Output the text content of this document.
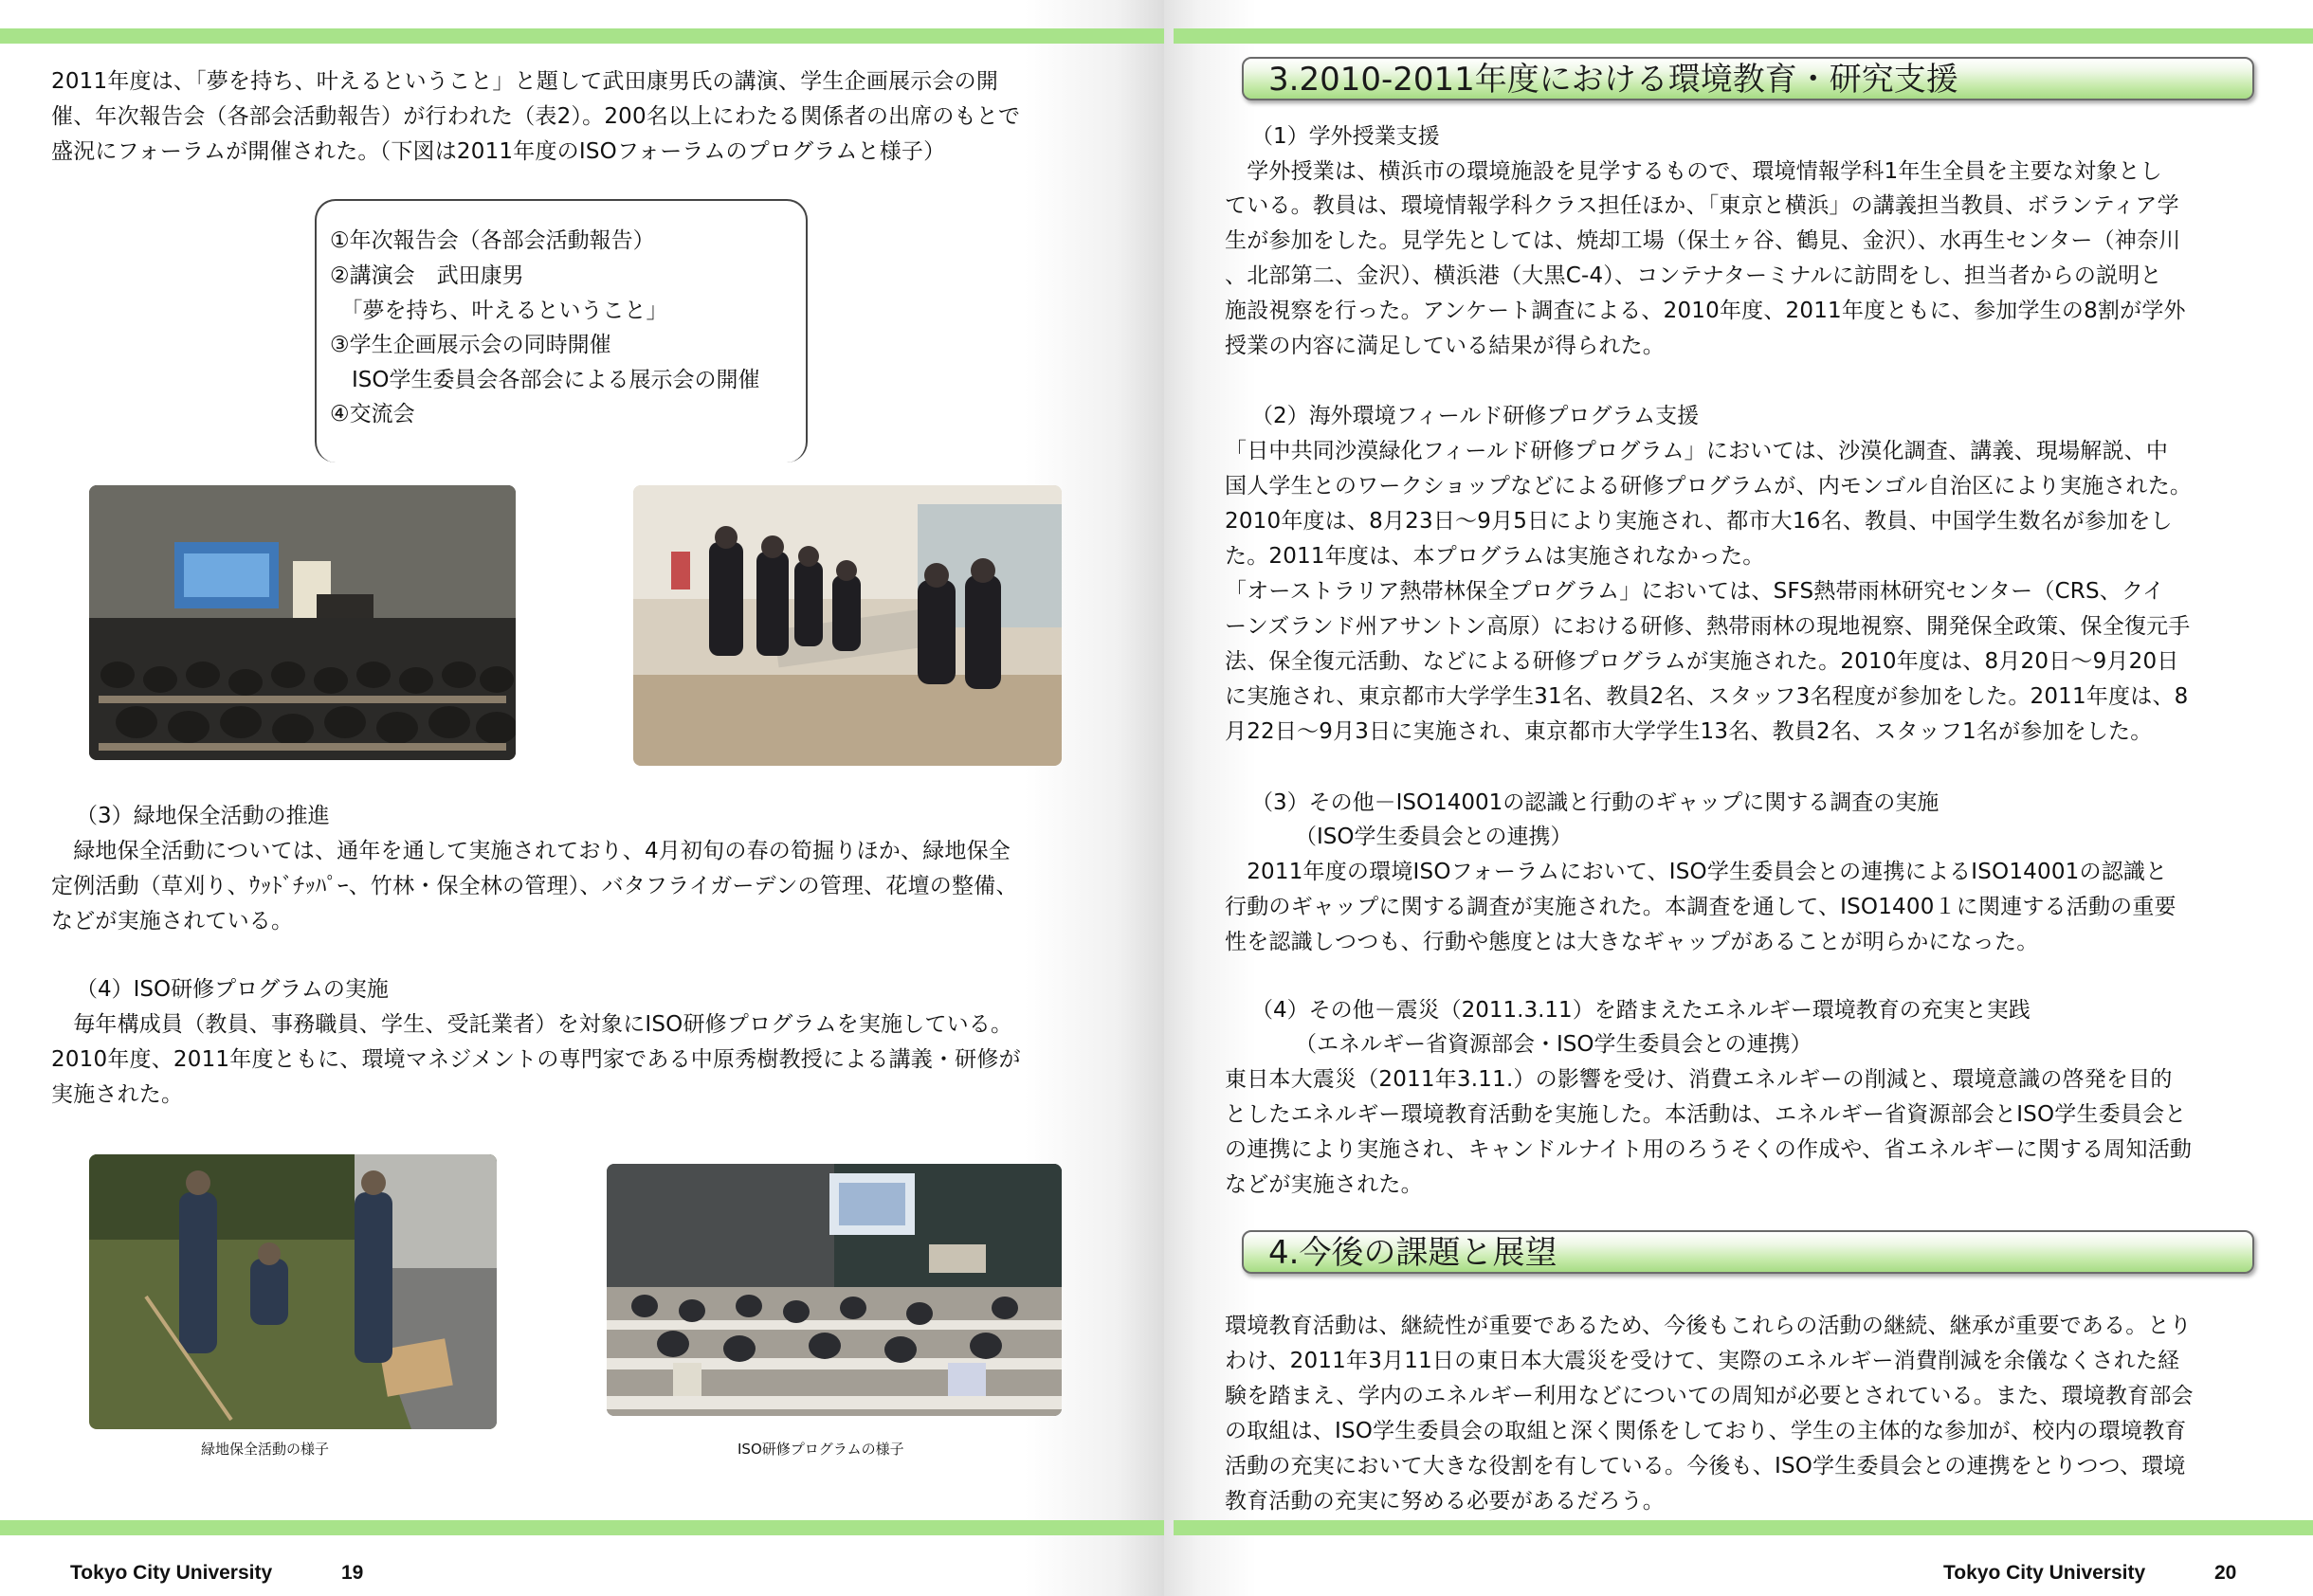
2011年度は、「夢を持ち、叶えるということ」と題して武田康男氏の講演、学生企画展示会の開

催、年次報告会（各部会活動報告）が行われた（表2）。200名以上にわたる関係者の出席のもとで

盛況にフォーラムが開催された。（下図は2011年度のISOフォーラムのプログラムと様子）

①年次報告会（各部会活動報告）
②講演会　武田康男
　「夢を持ち、叶えるということ」
③学生企画展示会の同時開催
　ISO学生委員会各部会による展示会の開催
④交流会
（3）緑地保全活動の推進

　緑地保全活動については、通年を通して実施されており、4月初旬の春の筍掘りほか、緑地保全

定例活動（草刈り、ｳｯﾄﾞﾁｯﾊﾟｰ、竹林・保全林の管理）、バタフライガーデンの管理、花壇の整備、

などが実施されている。

（4）ISO研修プログラムの実施

　毎年構成員（教員、事務職員、学生、受託業者）を対象にISO研修プログラムを実施している。

2010年度、2011年度ともに、環境マネジメントの専門家である中原秀樹教授による講義・研修が

実施された。

緑地保全活動の様子	ISO研修プログラムの様子
Tokyo City University	19
3.2010-2011年度における環境教育・研究支援
（1）学外授業支援

　学外授業は、横浜市の環境施設を見学するもので、環境情報学科1年生全員を主要な対象とし

ている。教員は、環境情報学科クラス担任ほか、「東京と横浜」の講義担当教員、ボランティア学

生が参加をした。見学先としては、焼却工場（保土ヶ谷、鶴見、金沢）、水再生センター（神奈川

、北部第二、金沢）、横浜港（大黒C-4）、コンテナターミナルに訪問をし、担当者からの説明と

施設視察を行った。アンケート調査による、2010年度、2011年度ともに、参加学生の8割が学外

授業の内容に満足している結果が得られた。

（2）海外環境フィールド研修プログラム支援

「日中共同沙漠緑化フィールド研修プログラム」においては、沙漠化調査、講義、現場解説、中

国人学生とのワークショップなどによる研修プログラムが、内モンゴル自治区により実施された。

2010年度は、8月23日〜9月5日により実施され、都市大16名、教員、中国学生数名が参加をし

た。2011年度は、本プログラムは実施されなかった。

「オーストラリア熱帯林保全プログラム」においては、SFS熱帯雨林研究センター（CRS、クイ

ーンズランド州アサントン高原）における研修、熱帯雨林の現地視察、開発保全政策、保全復元手

法、保全復元活動、などによる研修プログラムが実施された。2010年度は、8月20日〜9月20日

に実施され、東京都市大学学生31名、教員2名、スタッフ3名程度が参加をした。2011年度は、8

月22日〜9月3日に実施され、東京都市大学学生13名、教員2名、スタッフ1名が参加をした。

（3）その他－ISO14001の認識と行動のギャップに関する調査の実施
（ISO学生委員会との連携）

　2011年度の環境ISOフォーラムにおいて、ISO学生委員会との連携によるISO14001の認識と

行動のギャップに関する調査が実施された。本調査を通して、ISO1400１に関連する活動の重要

性を認識しつつも、行動や態度とは大きなギャップがあることが明らかになった。

（4）その他－震災（2011.3.11）を踏まえたエネルギー環境教育の充実と実践
（エネルギー省資源部会・ISO学生委員会との連携）

東日本大震災（2011年3.11.）の影響を受け、消費エネルギーの削減と、環境意識の啓発を目的

としたエネルギー環境教育活動を実施した。本活動は、エネルギー省資源部会とISO学生委員会と

の連携により実施され、キャンドルナイト用のろうそくの作成や、省エネルギーに関する周知活動

などが実施された。

4.今後の課題と展望

環境教育活動は、継続性が重要であるため、今後もこれらの活動の継続、継承が重要である。とり

わけ、2011年3月11日の東日本大震災を受けて、実際のエネルギー消費削減を余儀なくされた経

験を踏まえ、学内のエネルギー利用などについての周知が必要とされている。また、環境教育部会

の取組は、ISO学生委員会の取組と深く関係をしており、学生の主体的な参加が、校内の環境教育

活動の充実において大きな役割を有している。今後も、ISO学生委員会との連携をとりつつ、環境

教育活動の充実に努める必要があるだろう。

Tokyo City University	20
